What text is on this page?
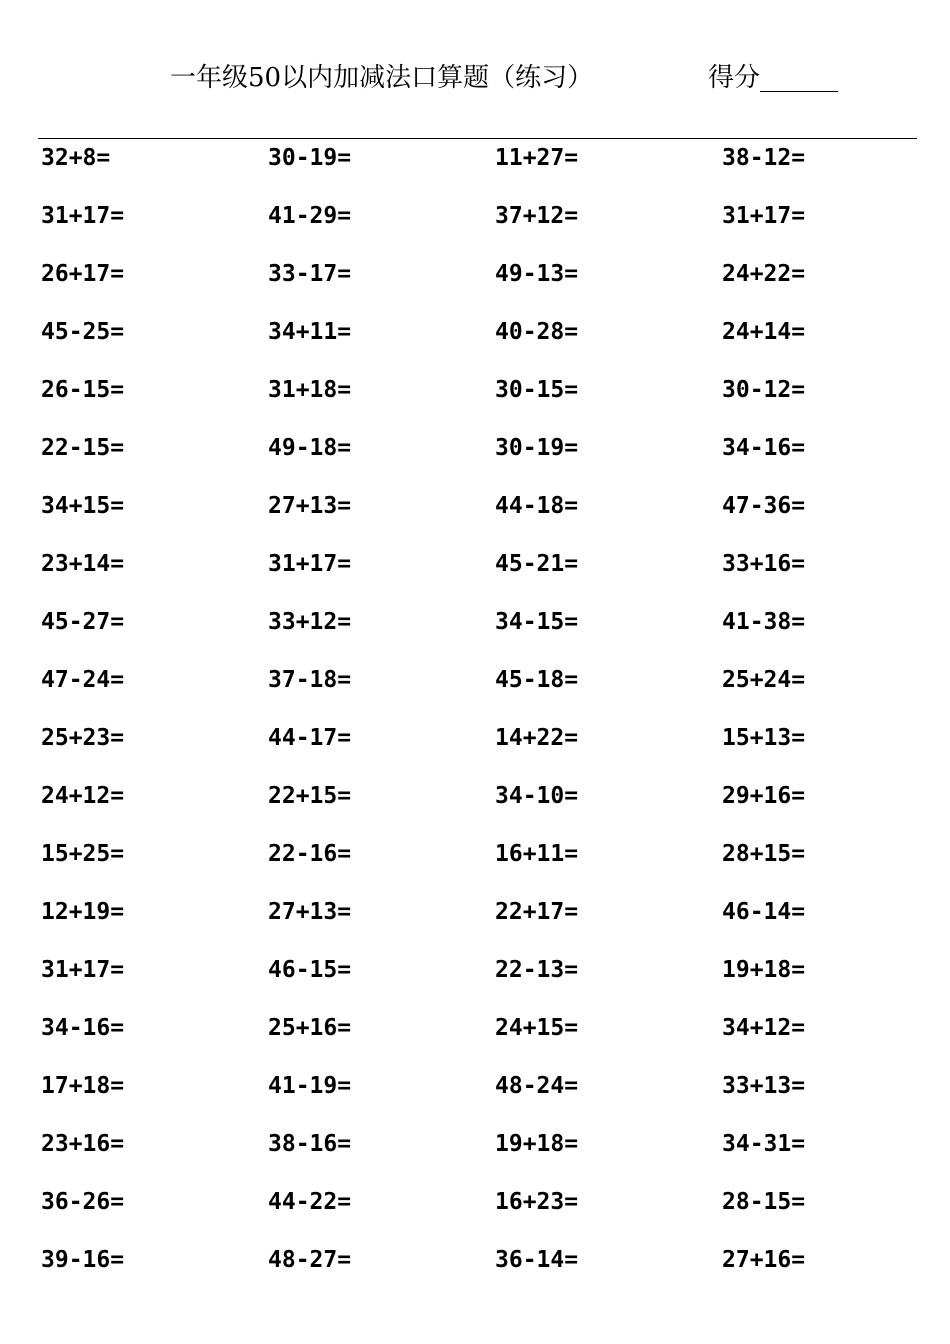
一年级50以内加减法口算题（练习）	得分______
32+8=	30-19=	11+27=	38-12=
31+17=	41-29=	37+12=	31+17=
26+17=	33-17=	49-13=	24+22=
45-25=	34+11=	40-28=	24+14=
26-15=	31+18=	30-15=	30-12=
22-15=	49-18=	30-19=	34-16=
34+15=	27+13=	44-18=	47-36=
23+14=	31+17=	45-21=	33+16=
45-27=	33+12=	34-15=	41-38=
47-24=	37-18=	45-18=	25+24=
25+23=	44-17=	14+22=	15+13=
24+12=	22+15=	34-10=	29+16=
15+25=	22-16=	16+11=	28+15=
12+19=	27+13=	22+17=	46-14=
31+17=	46-15=	22-13=	19+18=
34-16=	25+16=	24+15=	34+12=
17+18=	41-19=	48-24=	33+13=
23+16=	38-16=	19+18=	34-31=
36-26=	44-22=	16+23=	28-15=
39-16=	48-27=	36-14=	27+16=
